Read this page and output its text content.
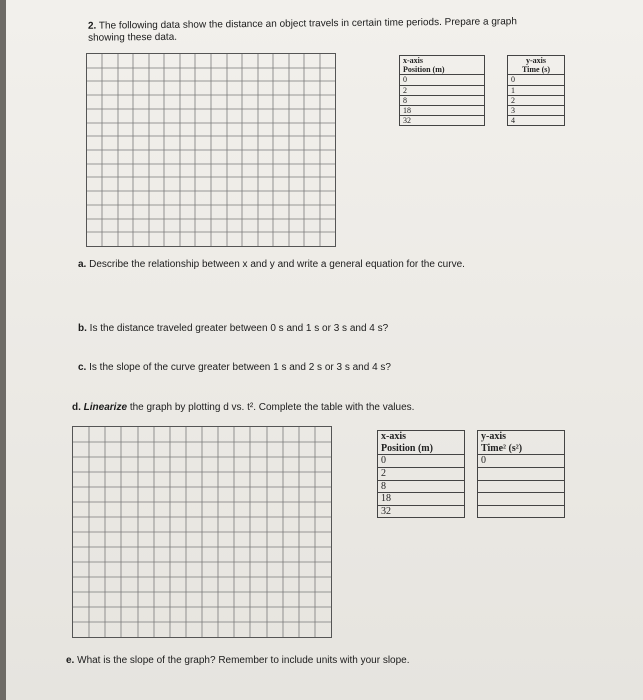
2. The following data show the distance an object travels in certain time periods. Prepare a graph
showing these data.
x-axis
Position (m)		y-axis
Time (s)
0		0
2		1
8		2
18		3
32		4
a. Describe the relationship between x and y and write a general equation for the curve.
b. Is the distance traveled greater between 0 s and 1 s or 3 s and 4 s?
c. Is the slope of the curve greater between 1 s and 2 s or 3 s and 4 s?
d. Linearize the graph by plotting d vs. t². Complete the table with the values.
x-axis
Position (m)		y-axis
Time² (s²)
0		0
2		
8		
18		
32		
e. What is the slope of the graph? Remember to include units with your slope.
